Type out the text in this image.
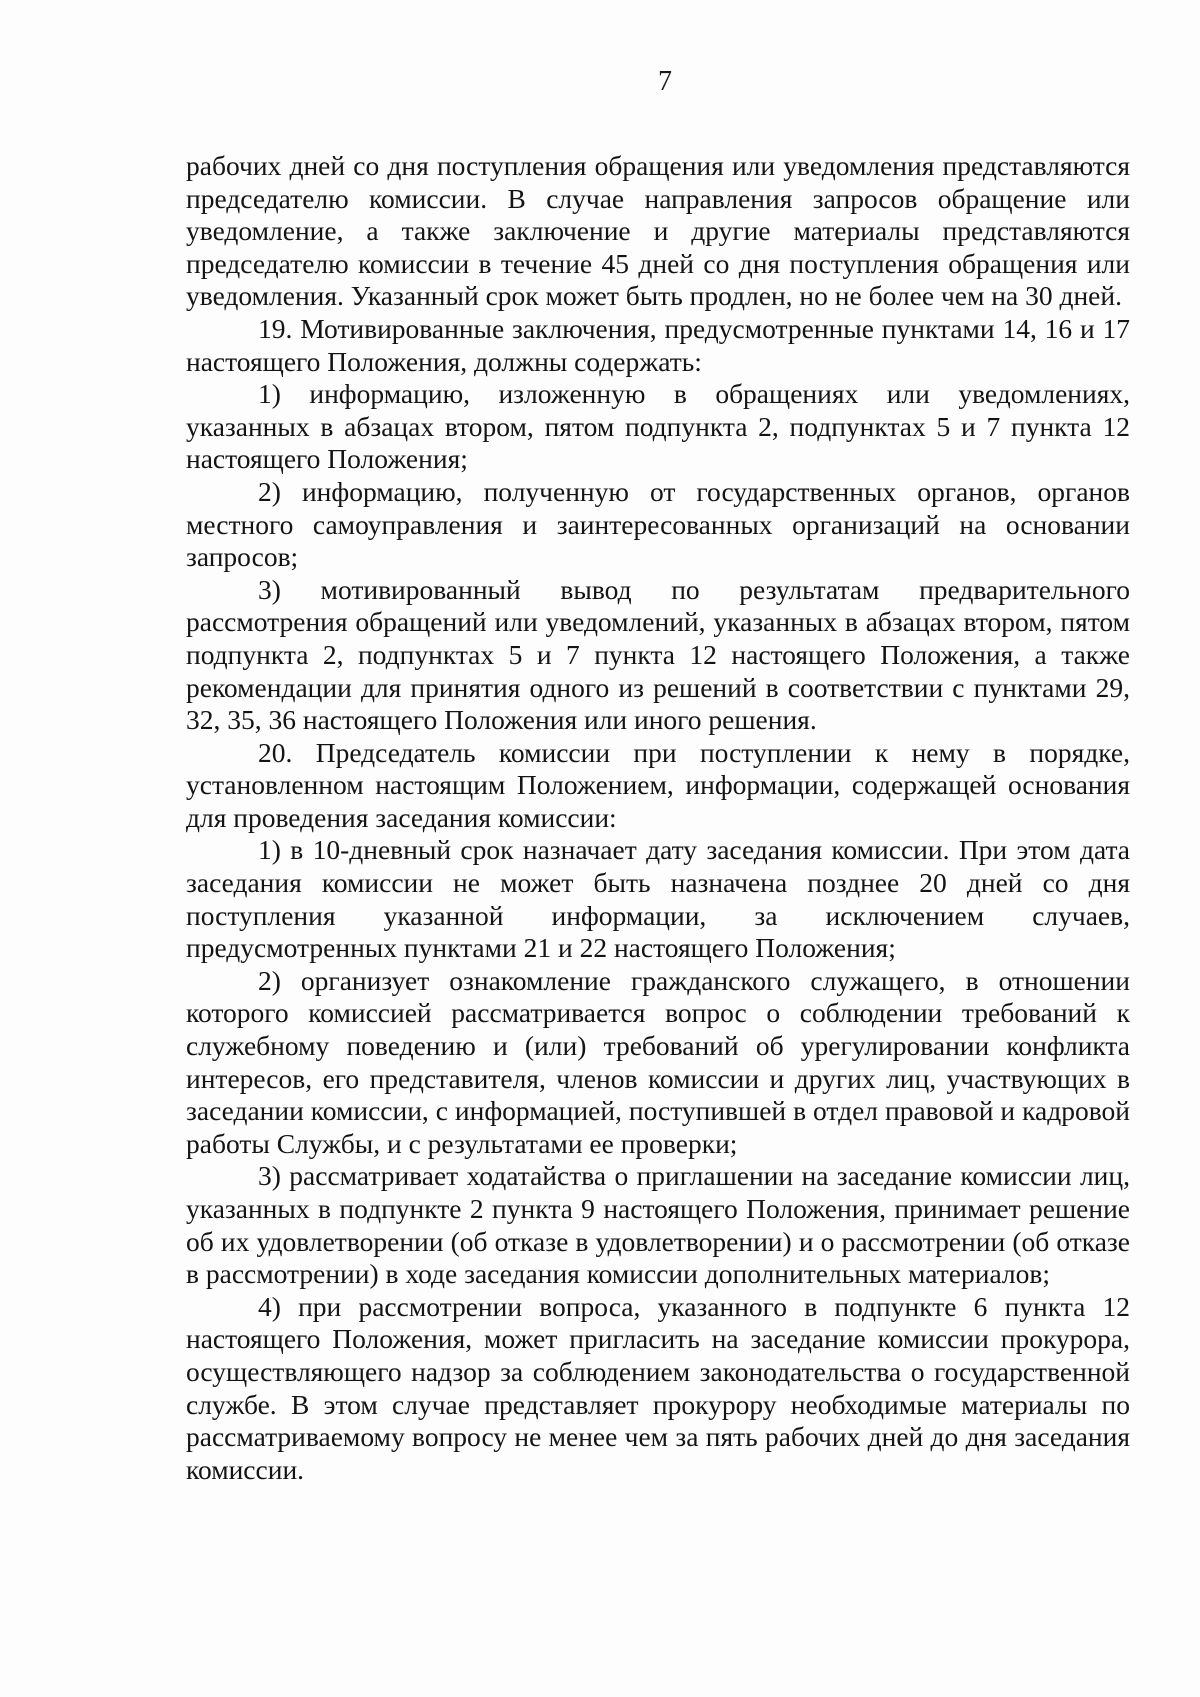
7

рабочих дней со дня поступления обращения или уведомления представляются председателю комиссии. В случае направления запросов обращение или уведомление, а также заключение и другие материалы представляются председателю комиссии в течение 45 дней со дня поступления обращения или уведомления. Указанный срок может быть продлен, но не более чем на 30 дней.

19. Мотивированные заключения, предусмотренные пунктами 14, 16 и 17 настоящего Положения, должны содержать:

1) информацию, изложенную в обращениях или уведомлениях, указанных в абзацах втором, пятом подпункта 2, подпунктах 5 и 7 пункта 12 настоящего Положения;

2) информацию, полученную от государственных органов, органов местного самоуправления и заинтересованных организаций на основании запросов;

3) мотивированный вывод по результатам предварительного рассмотрения обращений или уведомлений, указанных в абзацах втором, пятом подпункта 2, подпунктах 5 и 7 пункта 12 настоящего Положения, а также рекомендации для принятия одного из решений в соответствии с пунктами 29, 32, 35, 36 настоящего Положения или иного решения.

20. Председатель комиссии при поступлении к нему в порядке, установленном настоящим Положением, информации, содержащей основания для проведения заседания комиссии:

1) в 10-дневный срок назначает дату заседания комиссии. При этом дата заседания комиссии не может быть назначена позднее 20 дней со дня поступления указанной информации, за исключением случаев, предусмотренных пунктами 21 и 22 настоящего Положения;

2) организует ознакомление гражданского служащего, в отношении которого комиссией рассматривается вопрос о соблюдении требований к служебному поведению и (или) требований об урегулировании конфликта интересов, его представителя, членов комиссии и других лиц, участвующих в заседании комиссии, с информацией, поступившей в отдел правовой и кадровой работы Службы, и с результатами ее проверки;

3) рассматривает ходатайства о приглашении на заседание комиссии лиц, указанных в подпункте 2 пункта 9 настоящего Положения, принимает решение об их удовлетворении (об отказе в удовлетворении) и о рассмотрении (об отказе в рассмотрении) в ходе заседания комиссии дополнительных материалов;

4) при рассмотрении вопроса, указанного в подпункте 6 пункта 12 настоящего Положения, может пригласить на заседание комиссии прокурора, осуществляющего надзор за соблюдением законодательства о государственной службе. В этом случае представляет прокурору необходимые материалы по рассматриваемому вопросу не менее чем за пять рабочих дней до дня заседания комиссии.
